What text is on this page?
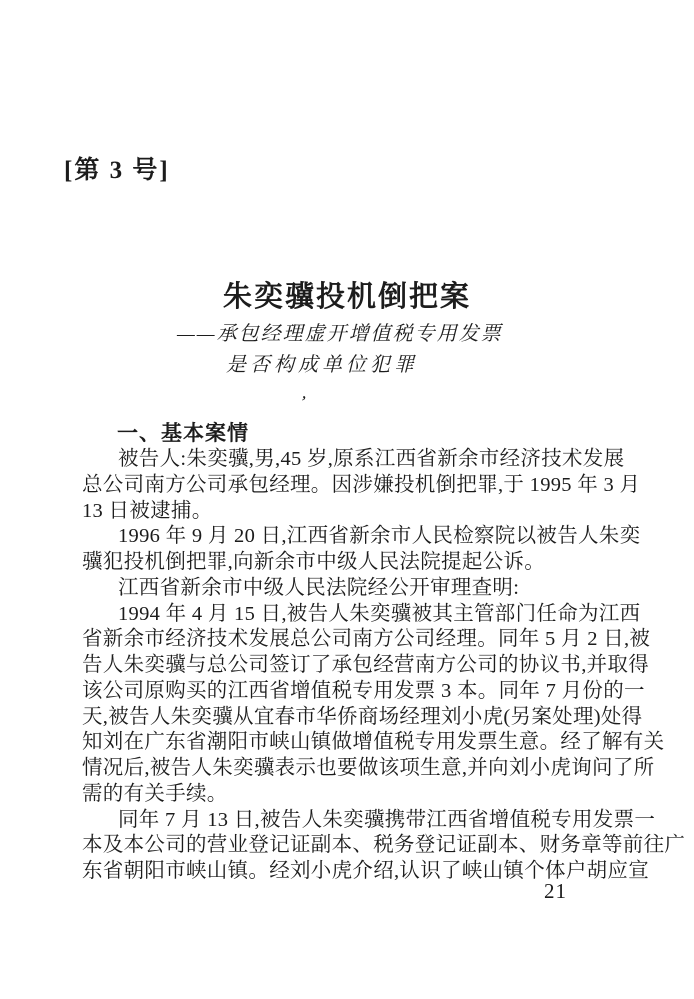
[第 3 号]
朱奕骥投机倒把案
——承包经理虚开增值税专用发票
是否构成单位犯罪
’
一、基本案情
被告人:朱奕骥,男,45 岁,原系江西省新余市经济技术发展
总公司南方公司承包经理。因涉嫌投机倒把罪,于 1995 年 3 月
13 日被逮捕。
1996 年 9 月 20 日,江西省新余市人民检察院以被告人朱奕
骥犯投机倒把罪,向新余市中级人民法院提起公诉。
江西省新余市中级人民法院经公开审理查明:
1994 年 4 月 15 日,被告人朱奕骥被其主管部门任命为江西
省新余市经济技术发展总公司南方公司经理。同年 5 月 2 日,被
告人朱奕骥与总公司签订了承包经营南方公司的协议书,并取得
该公司原购买的江西省增值税专用发票 3 本。同年 7 月份的一
天,被告人朱奕骥从宜春市华侨商场经理刘小虎(另案处理)处得
知刘在广东省潮阳市峡山镇做增值税专用发票生意。经了解有关
情况后,被告人朱奕骥表示也要做该项生意,并向刘小虎询问了所
需的有关手续。
同年 7 月 13 日,被告人朱奕骥携带江西省增值税专用发票一
本及本公司的营业登记证副本、税务登记证副本、财务章等前往广
东省朝阳市峡山镇。经刘小虎介绍,认识了峡山镇个体户胡应宣
21
